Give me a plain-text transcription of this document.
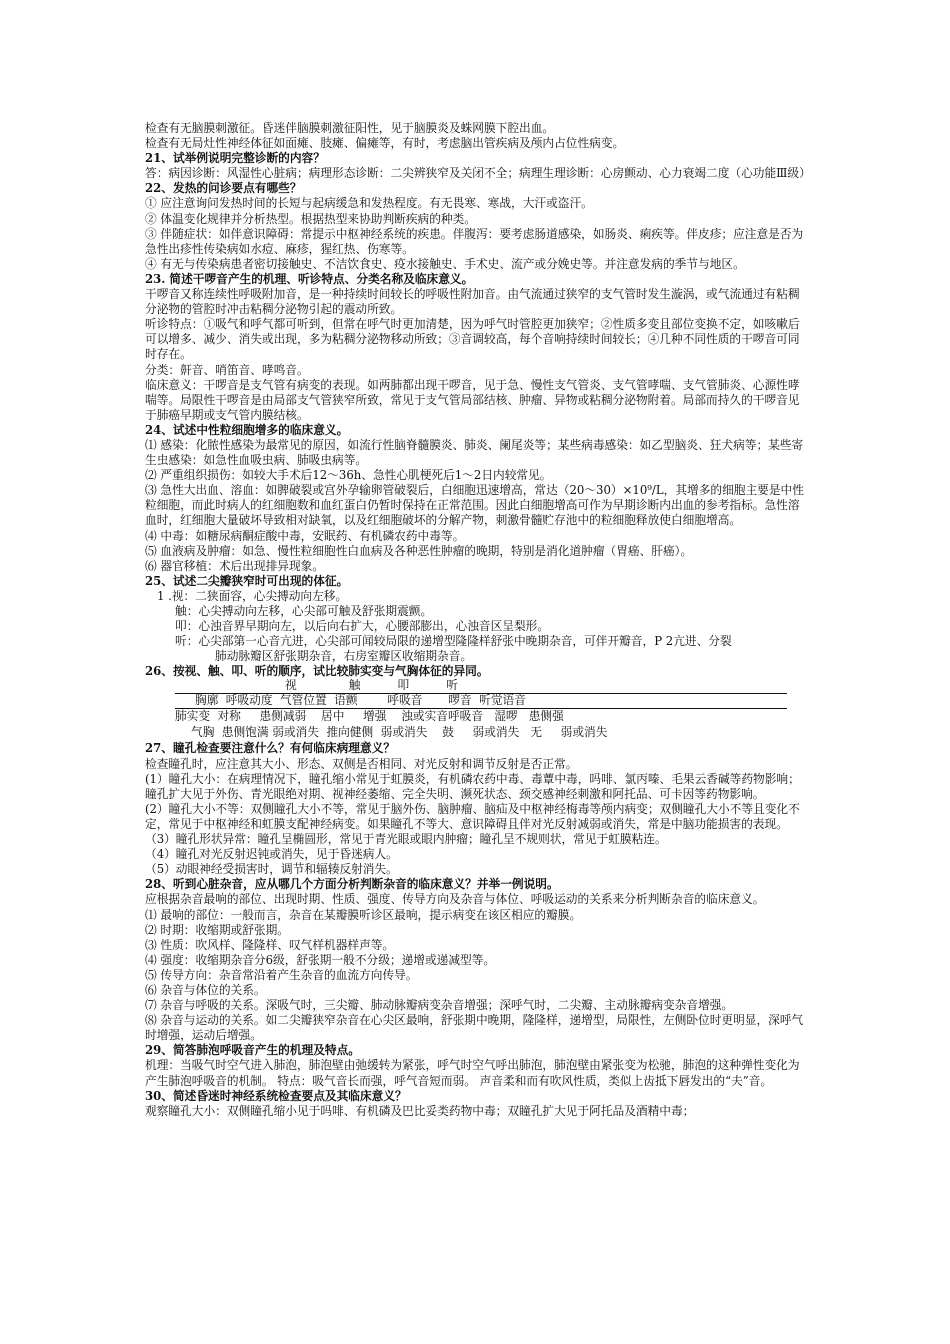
检查有无脑膜刺激征。昏迷伴脑膜刺激征阳性，见于脑膜炎及蛛网膜下腔出血。

检查有无局灶性神经体征如面瘫、肢瘫、偏瘫等，有时，考虑脑出管疾病及颅内占位性病变。

21、试举例说明完整诊断的内容？

答：病因诊断：风湿性心脏病；病理形态诊断：二尖辨狭窄及关闭不全；病理生理诊断：心房颤动、心力衰竭二度（心功能Ⅲ级）

22、发热的问诊要点有哪些？

① 应注意询问发热时间的长短与起病缓急和发热程度。有无畏寒、寒战，大汗或盗汗。

② 体温变化规律并分析热型。根据热型来协助判断疾病的种类。

③ 伴随症状：如伴意识障碍：常提示中枢神经系统的疾患。伴腹泻：要考虑肠道感染，如肠炎、痢疾等。伴皮疹；应注意是否为急性出疹性传染病如水痘、麻疹，猩红热、伤寒等。

④ 有无与传染病患者密切接触史、不洁饮食史、疫水接触史、手术史、流产或分娩史等。并注意发病的季节与地区。

23. 简述干啰音产生的机理、听诊特点、分类名称及临床意义。

干啰音又称连续性呼吸附加音，是一种持续时间较长的呼吸性附加音。由气流通过狭窄的支气管时发生漩涡，或气流通过有粘稠分泌物的管腔时冲击粘稠分泌物引起的震动所致。

听诊特点：①吸气和呼气都可听到，但常在呼气时更加清楚，因为呼气时管腔更加狭窄；②性质多变且部位变换不定，如咳嗽后可以增多、减少、消失或出现，多为粘稠分泌物移动所致；③音调较高，每个音响持续时间较长；④几种不同性质的干啰音可同时存在。

分类：鼾音、哨笛音、哮鸣音。

临床意义：干啰音是支气管有病变的表现。如两肺都出现干啰音，见于急、慢性支气管炎、支气管哮喘、支气管肺炎、心源性哮喘等。局限性干啰音是由局部支气管狭窄所致，常见于支气管局部结核、肿瘤、异物或粘稠分泌物附着。局部而持久的干啰音见于肺癌早期或支气管内膜结核。

24、试述中性粒细胞增多的临床意义。

⑴ 感染：化脓性感染为最常见的原因，如流行性脑脊髓膜炎、肺炎、阑尾炎等；某些病毒感染：如乙型脑炎、狂犬病等；某些寄生虫感染：如急性血吸虫病、肺吸虫病等。

⑵ 严重组织损伤：如较大手术后12～36h、急性心肌梗死后1～2日内较常见。

⑶ 急性大出血、溶血：如脾破裂或宫外孕输卵管破裂后，白细胞迅速增高，常达（20～30）×10⁹/L，其增多的细胞主要是中性粒细胞，而此时病人的红细胞数和血红蛋白仍暂时保持在正常范围。因此白细胞增高可作为早期诊断内出血的参考指标。急性溶血时，红细胞大量破坏导致相对缺氧，以及红细胞破坏的分解产物，刺激骨髓贮存池中的粒细胞释放使白细胞增高。

⑷ 中毒：如糖尿病酮症酸中毒，安眠药、有机磷农药中毒等。

⑸ 血液病及肿瘤：如急、慢性粒细胞性白血病及各种恶性肿瘤的晚期，特别是消化道肿瘤（胃癌、肝癌）。

⑹ 器官移植：术后出现排异现象。

25、试述二尖瓣狭窄时可出现的体征。

1 .视：二狭面容，心尖搏动向左移。

触：心尖搏动向左移，心尖部可触及舒张期震颤。

叩：心浊音界早期向左，以后向右扩大，心腰部膨出，心浊音区呈梨形。

听：心尖部第一心音亢进，心尖部可闻较局限的递增型隆隆样舒张中晚期杂音，可伴开瓣音，P 2亢进、分裂

肺动脉瓣区舒张期杂音，右房室瓣区收缩期杂音。

26、按视、触、叩、听的顺序，试比较肺实变与气胸体征的异同。

视              触          叩          听
胸廓  呼吸动度  气管位置  语颤        呼吸音       啰音  听觉语音
肺实变  对称     患侧减弱    居中     增强    浊或实音呼吸音   湿啰   患侧强
气胸  患侧饱满 弱或消失  推向健侧  弱或消失    鼓     弱或消失   无     弱或消失

27、瞳孔检查要注意什么？有何临床病理意义？

检查瞳孔时，应注意其大小、形态、双侧是否相同、对光反射和调节反射是否正常。

(1）瞳孔大小：在病理情况下，瞳孔缩小常见于虹膜炎，有机磷农药中毒、毒蕈中毒，吗啡、氯丙嗪、毛果云香碱等药物影响；瞳孔扩大见于外伤、青光眼绝对期、视神经萎缩、完全失明、濒死状态、颈交感神经刺激和阿托品、可卡因等药物影响。

(2）瞳孔大小不等：双侧瞳孔大小不等，常见于脑外伤、脑肿瘤、脑疝及中枢神经梅毒等颅内病变；双侧瞳孔大小不等且变化不定，常见于中枢神经和虹膜支配神经病变。如果瞳孔不等大、意识障碍且伴对光反射减弱或消失，常是中脑功能损害的表现。

（3）瞳孔形状异常：瞳孔呈椭圆形，常见于青光眼或眼内肿瘤；瞳孔呈不规则状，常见于虹膜粘连。

（4）瞳孔对光反射迟钝或消失，见于昏迷病人。

（5）动眼神经受损害时，调节和辐辏反射消失。

28、听到心脏杂音，应从哪几个方面分析判断杂音的临床意义？并举一例说明。

应根据杂音最响的部位、出现时期、性质、强度、传导方向及杂音与体位、呼吸运动的关系来分析判断杂音的临床意义。

⑴ 最响的部位：一般而言，杂音在某瓣膜听诊区最响，提示病变在该区相应的瓣膜。

⑵ 时期：收缩期或舒张期。

⑶ 性质：吹风样、隆隆样、叹气样机器样声等。

⑷ 强度：收缩期杂音分6级，舒张期一般不分级；递增或递减型等。

⑸ 传导方向：杂音常沿着产生杂音的血流方向传导。

⑹ 杂音与体位的关系。

⑺ 杂音与呼吸的关系。深吸气时，三尖瓣、肺动脉瓣病变杂音增强；深呼气时，二尖瓣、主动脉瓣病变杂音增强。

⑻ 杂音与运动的关系。如二尖瓣狭窄杂音在心尖区最响，舒张期中晚期，隆隆样，递增型，局限性，左侧卧位时更明显，深呼气时增强，运动后增强。

29、简答肺泡呼吸音产生的机理及特点。

机理：当吸气时空气进入肺泡，肺泡壁由弛缓转为紧张，呼气时空气呼出肺泡，肺泡壁由紧张变为松驰，肺泡的这种弹性变化为产生肺泡呼吸音的机制。 特点：吸气音长而强，呼气音短而弱。 声音柔和而有吹风性质，类似上齿抵下唇发出的“夫”音。

30、简述昏迷时神经系统检查要点及其临床意义？

观察瞳孔大小：双侧瞳孔缩小见于吗啡、有机磷及巴比妥类药物中毒；双瞳孔扩大见于阿托品及酒精中毒；
